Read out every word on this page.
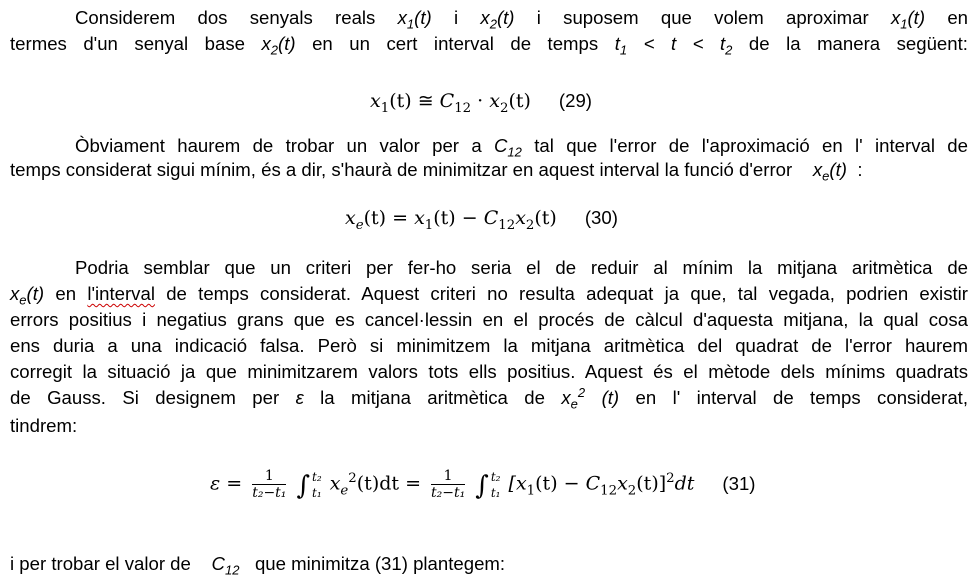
Considerem dos senyals reals $x_1(t)$ i $x_2(t)$ i suposem que volem aproximar $x_1(t)$ en
termes d'un senyal base $x_2(t)$ en un cert interval de temps $t_1 < t < t_2$ de la manera següent:
$x_1(t)$ ≅ $C_{12} \cdot x_2(t)$ (29)
Òbviament haurem de trobar un valor per a $C_{12}$ tal que l'error de l'aproximació en l' interval de
temps considerat sigui mínim, és a dir, s'haurà de minimitzar en aquest interval la funció d'error $x_e(t)$ :
$x_e(t) = x_1(t) - C_{12}x_2(t)$ (30)
Podria semblar que un criteri per fer-ho seria el de reduir al mínim la mitjana aritmètica de
$x_e(t)$ en l'interval de temps considerat. Aquest criteri no resulta adequat ja que, tal vegada, podrien existir
errors positius i negatius grans que es cancel·lessin en el procés de càlcul d'aquesta mitjana, la qual cosa
ens duria a una indicació falsa. Però si minimitzem la mitjana aritmètica del quadrat de l'error haurem
corregit la situació ja que minimitzarem valors tots ells positius. Aquest és el mètode dels mínims quadrats
de Gauss. Si designem per ε la mitjana aritmètica de $x_e^2$ (t) en l' interval de temps considerat,
tindrem:
$\varepsilon = \frac{1}{\text{t₂−t₁}}$ ∫ t₂
t₁ $x_e^2(t)dt = \frac{1}{\text{t₂−t₁}}$ ∫ t₂
t₁ $[x_1(t) - C_{12}x_2(t)]^2dt$ (31)
i per trobar el valor de $C_{12}$ que minimitza (31) plantegem:
